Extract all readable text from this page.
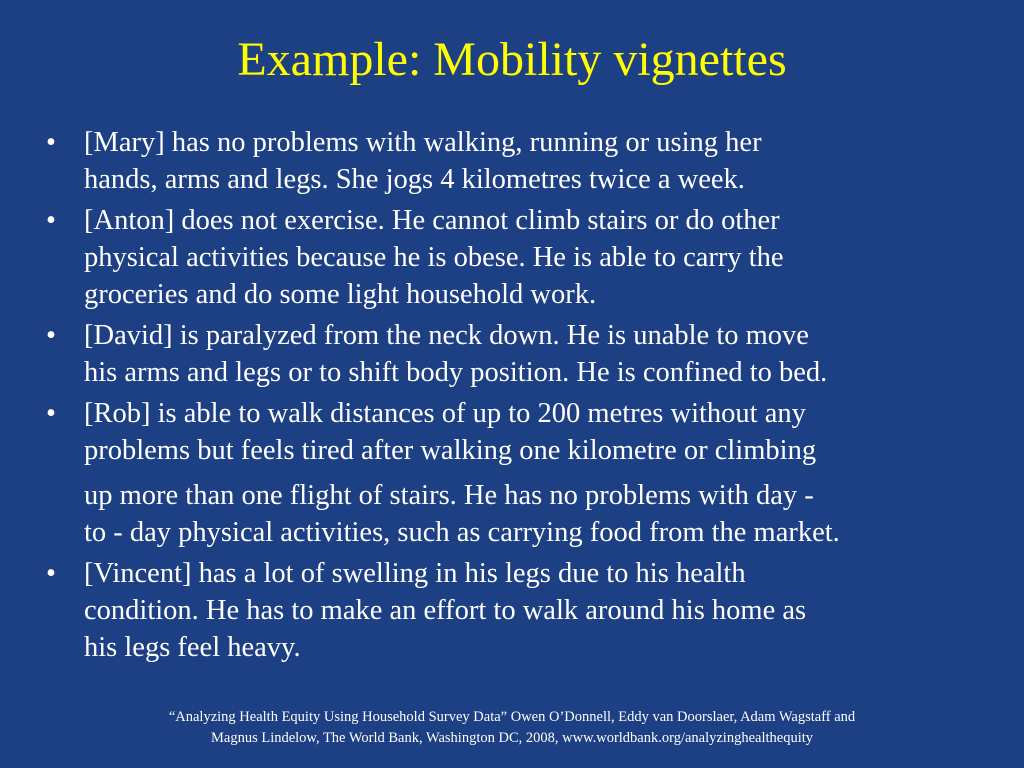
Example: Mobility vignettes
• [Mary] has no problems with walking, running or using her
hands, arms and legs. She jogs 4 kilometres twice a week.
• [Anton] does not exercise. He cannot climb stairs or do other
physical activities because he is obese. He is able to carry the
groceries and do some light household work.
• [David] is paralyzed from the neck down. He is unable to move
his arms and legs or to shift body position. He is confined to bed.
• [Rob] is able to walk distances of up to 200 metres without any
problems but feels tired after walking one kilometre or climbing
up more than one flight of stairs. He has no problems with day -
to - day physical activities, such as carrying food from the market.
• [Vincent] has a lot of swelling in his legs due to his health
condition. He has to make an effort to walk around his home as
his legs feel heavy.
“Analyzing Health Equity Using Household Survey Data” Owen O’Donnell, Eddy van Doorslaer, Adam Wagstaff and
Magnus Lindelow, The World Bank, Washington DC, 2008, www.worldbank.org/analyzinghealthequity
